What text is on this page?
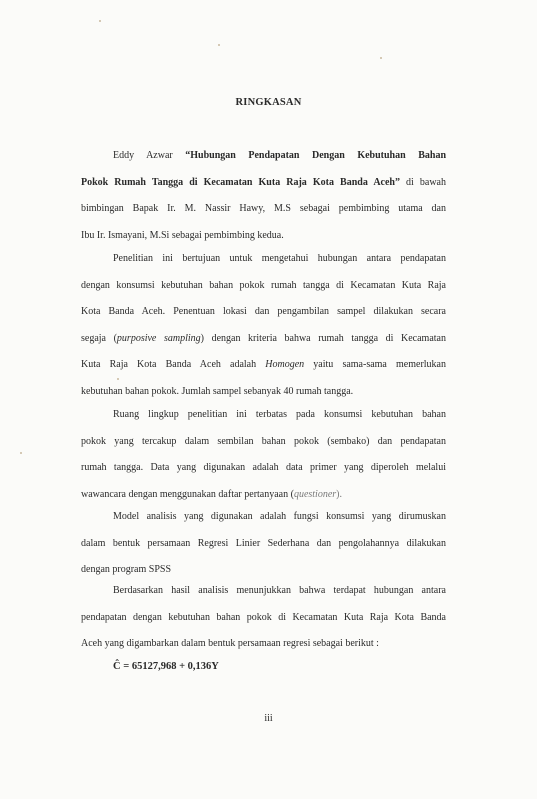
RINGKASAN
Eddy Azwar “Hubungan Pendapatan Dengan Kebutuhan Bahan
Pokok Rumah Tangga di Kecamatan Kuta Raja Kota Banda Aceh” di bawah
bimbingan Bapak Ir. M. Nassir Hawy, M.S sebagai pembimbing utama dan
Ibu Ir. Ismayani, M.Si sebagai pembimbing kedua.
Penelitian ini bertujuan untuk mengetahui hubungan antara pendapatan
dengan konsumsi kebutuhan bahan pokok rumah tangga di Kecamatan Kuta Raja
Kota Banda Aceh. Penentuan lokasi dan pengambilan sampel dilakukan secara
segaja (purposive sampling) dengan kriteria bahwa rumah tangga di Kecamatan
Kuta Raja Kota Banda Aceh adalah Homogen yaitu sama-sama memerlukan
kebutuhan bahan pokok. Jumlah sampel sebanyak 40 rumah tangga.
Ruang lingkup penelitian ini terbatas pada konsumsi kebutuhan bahan
pokok yang tercakup dalam sembilan bahan pokok (sembako) dan pendapatan
rumah tangga. Data yang digunakan adalah data primer yang diperoleh melalui
wawancara dengan menggunakan daftar pertanyaan (questioner).
Model analisis yang digunakan adalah fungsi konsumsi yang dirumuskan
dalam bentuk persamaan Regresi Linier Sederhana dan pengolahannya dilakukan
dengan program SPSS
Berdasarkan hasil analisis menunjukkan bahwa terdapat hubungan antara
pendapatan dengan kebutuhan bahan pokok di Kecamatan Kuta Raja Kota Banda
Aceh yang digambarkan dalam bentuk persamaan regresi sebagai berikut :
Ĉ = 65127,968 + 0,136Y
iii
